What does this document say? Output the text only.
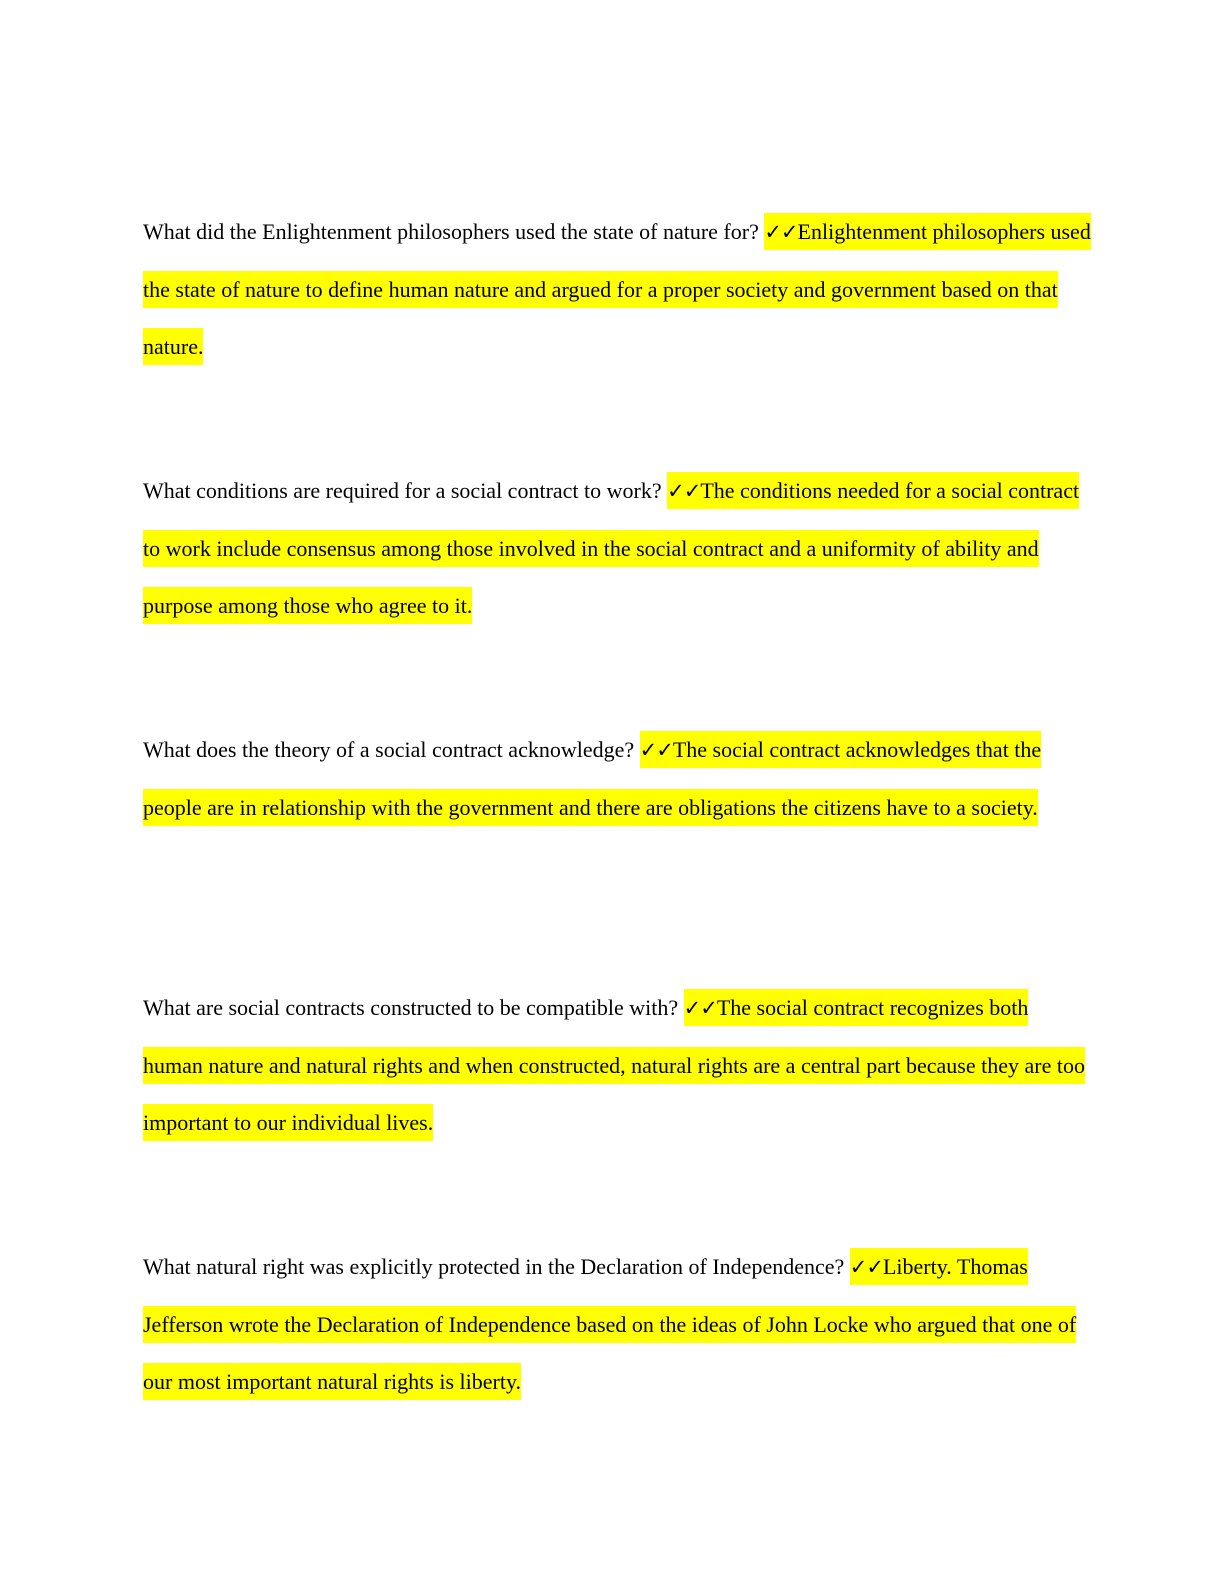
What did the Enlightenment philosophers used the state of nature for? ✓✓Enlightenment philosophers used the state of nature to define human nature and argued for a proper society and government based on that nature.
What conditions are required for a social contract to work? ✓✓The conditions needed for a social contract to work include consensus among those involved in the social contract and a uniformity of ability and purpose among those who agree to it.
What does the theory of a social contract acknowledge? ✓✓The social contract acknowledges that the people are in relationship with the government and there are obligations the citizens have to a society.
What are social contracts constructed to be compatible with? ✓✓The social contract recognizes both human nature and natural rights and when constructed, natural rights are a central part because they are too important to our individual lives.
What natural right was explicitly protected in the Declaration of Independence? ✓✓Liberty. Thomas Jefferson wrote the Declaration of Independence based on the ideas of John Locke who argued that one of our most important natural rights is liberty.
